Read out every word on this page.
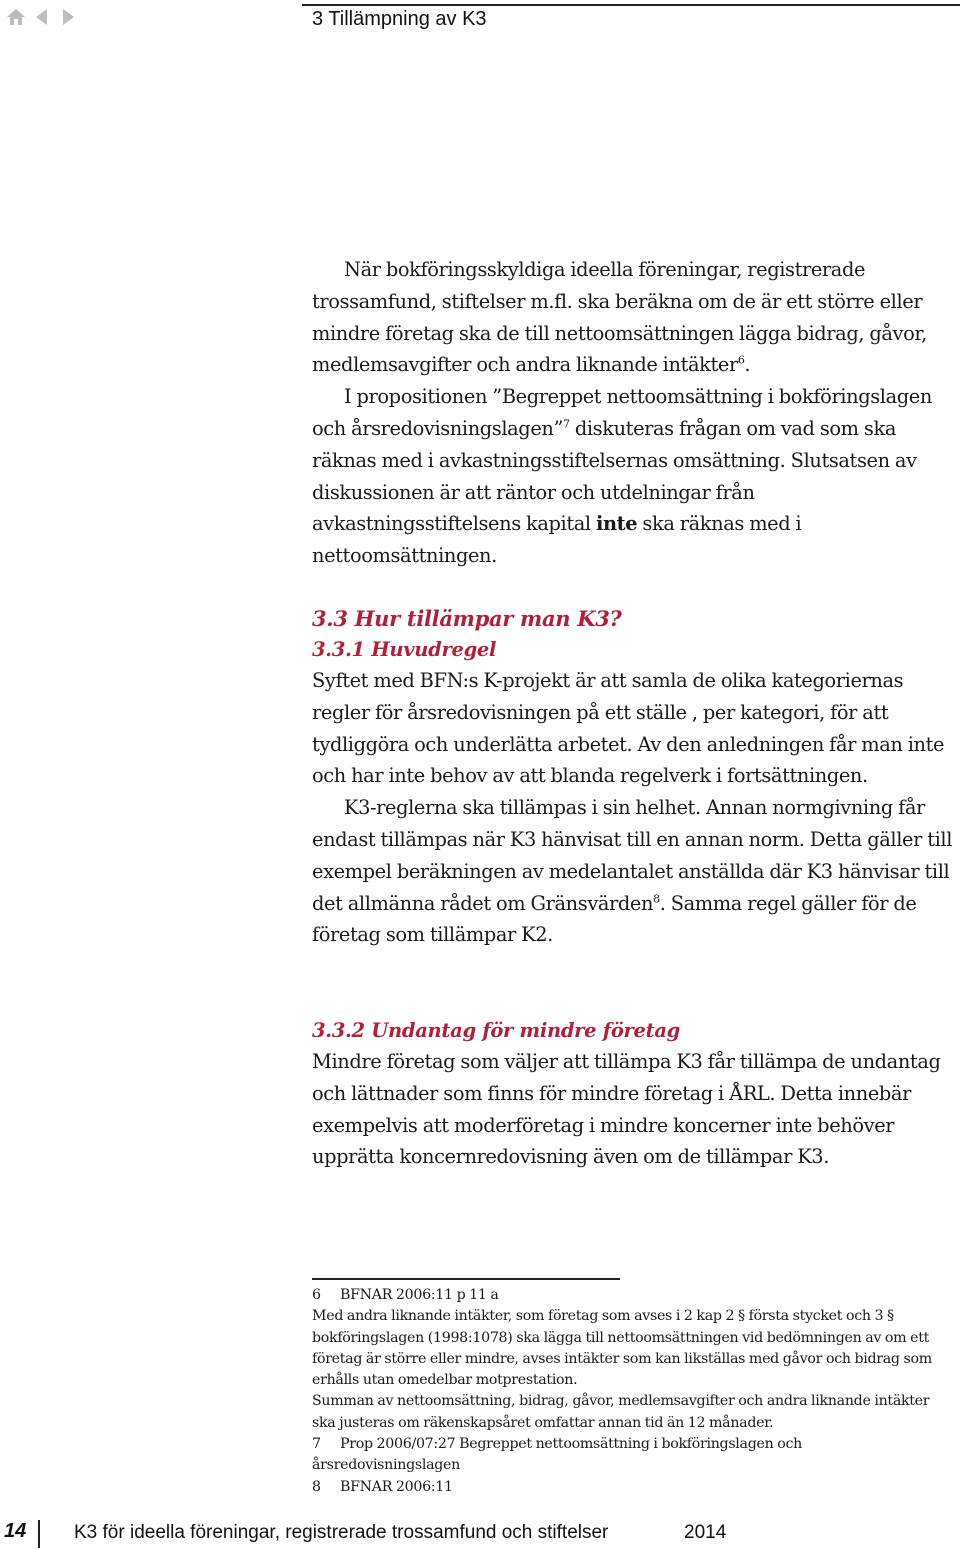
3 Tillämpning av K3

När bokföringsskyldiga ideella föreningar, registrerade trossamfund, stiftelser m.fl. ska beräkna om de är ett större eller mindre företag ska de till nettoomsättningen lägga bidrag, gåvor, medlemsavgifter och andra liknande intäkter$^6$.

I propositionen ”Begreppet nettoomsättning i bokföringslagen och årsredovisningslagen”$^7$ diskuteras frågan om vad som ska räknas med i avkastningsstiftelsernas omsättning. Slutsatsen av diskussionen är att räntor och utdelningar från avkastningsstiftelsens kapital inte ska räknas med i nettoomsättningen.

3.3 Hur tillämpar man K3?
3.3.1 Huvudregel

Syftet med BFN:s K-projekt är att samla de olika kategoriernas regler för årsredovisningen på ett ställe , per kategori, för att tydliggöra och underlätta arbetet. Av den anledningen får man inte och har inte behov av att blanda regelverk i fortsättningen.

K3-reglerna ska tillämpas i sin helhet. Annan normgivning får endast tillämpas när K3 hänvisat till en annan norm. Detta gäller till exempel beräkningen av medelantalet anställda där K3 hänvisar till det allmänna rådet om Gränsvärden$^8$. Samma regel gäller för de företag som tillämpar K2.

3.3.2 Undantag för mindre företag

Mindre företag som väljer att tillämpa K3 får tillämpa de undantag och lättnader som finns för mindre företag i ÅRL. Detta innebär exempelvis att moderföretag i mindre koncerner inte behöver upprätta koncernredovisning även om de tillämpar K3.

6 BFNAR 2006:11 p 11 a

Med andra liknande intäkter, som företag som avses i 2 kap 2 § första stycket och 3 § bokföringslagen (1998:1078) ska lägga till nettoomsättningen vid bedömningen av om ett företag är större eller mindre, avses intäkter som kan likställas med gåvor och bidrag som erhålls utan omedelbar motprestation.

Summan av nettoomsättning, bidrag, gåvor, medlemsavgifter och andra liknande intäkter ska justeras om räkenskapsåret omfattar annan tid än 12 månader.

7 Prop 2006/07:27 Begreppet nettoomsättning i bokföringslagen och årsredovisningslagen

8 BFNAR 2006:11

14	K3 för ideella föreningar, registrerade trossamfund och stiftelser	2014
